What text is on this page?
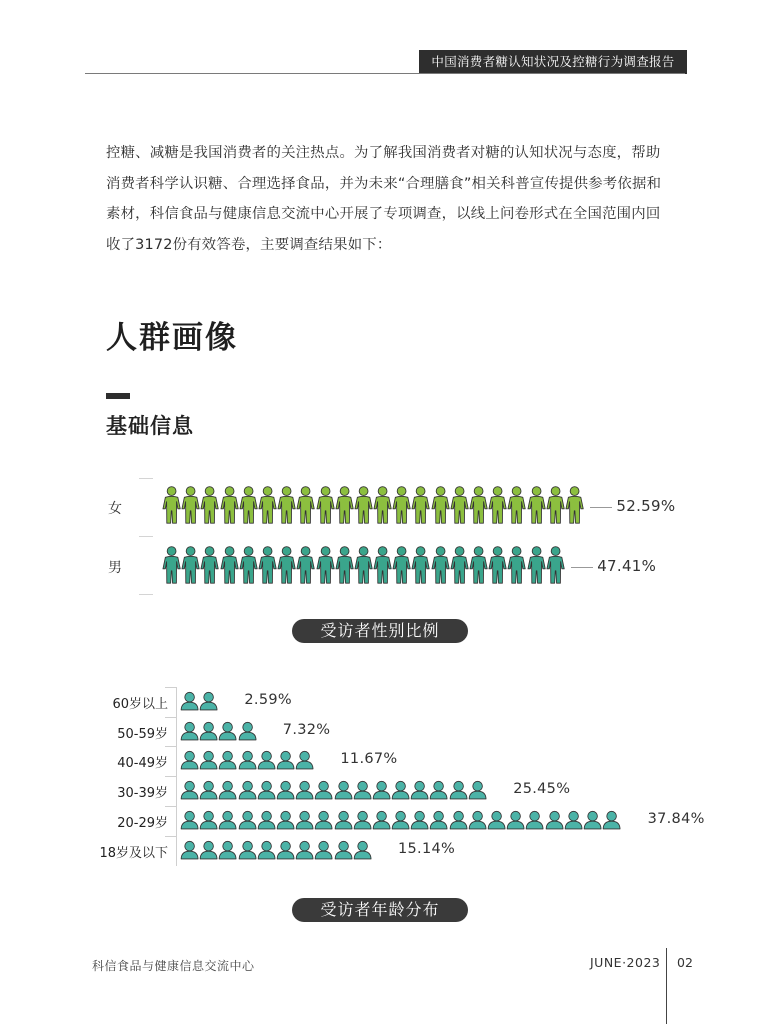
中国消费者糖认知状况及控糖行为调查报告

控糖、减糖是我国消费者的关注热点。为了解我国消费者对糖的认知状况与态度，帮助

消费者科学认识糖、合理选择食品，并为未来“合理膳食”相关科普宣传提供参考依据和

素材，科信食品与健康信息交流中心开展了专项调查，以线上问卷形式在全国范围内回

收了3172份有效答卷，主要调查结果如下：

人群画像
基础信息
女	52.59%
男	47.41%
受访者性别比例
60岁以上	2.59%
50-59岁	7.32%
40-49岁	11.67%
30-39岁	25.45%
20-29岁	37.84%
18岁及以下	15.14%
受访者年龄分布
科信食品与健康信息交流中心	JUNE·2023 02
